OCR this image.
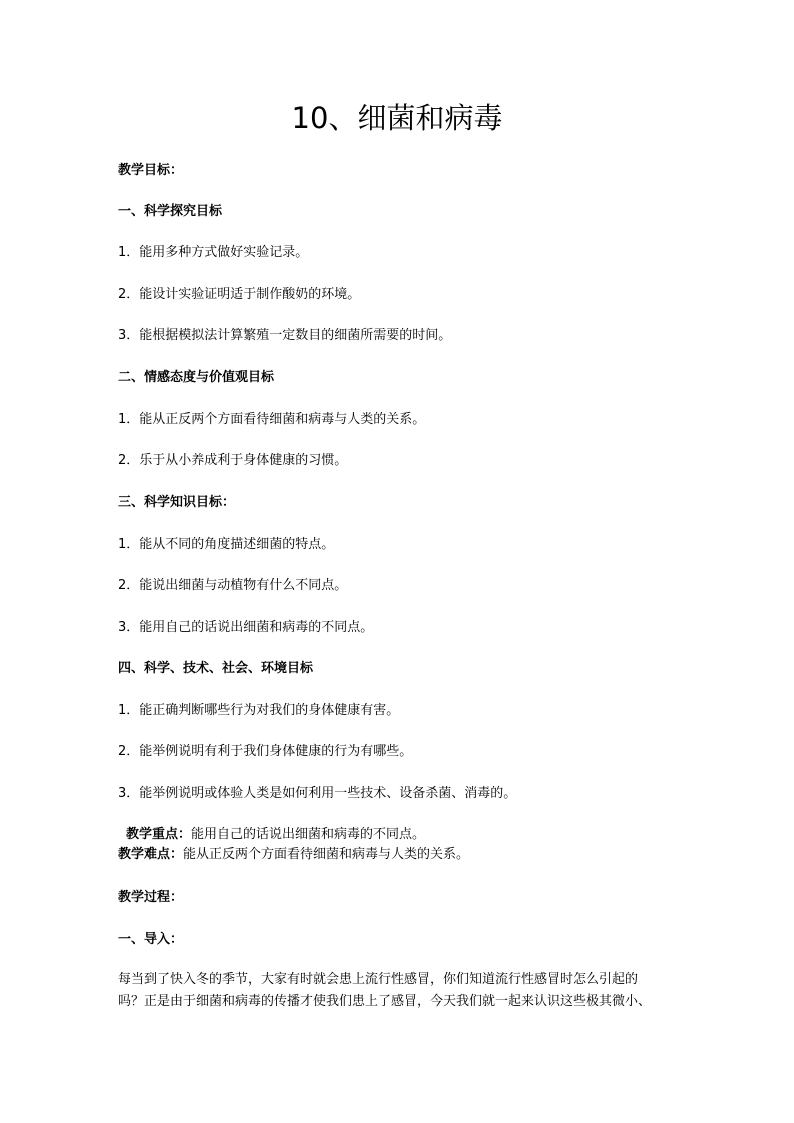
10、细菌和病毒

教学目标：

一、科学探究目标

1．能用多种方式做好实验记录。

2．能设计实验证明适于制作酸奶的环境。

3．能根据模拟法计算繁殖一定数目的细菌所需要的时间。

二、情感态度与价值观目标

1．能从正反两个方面看待细菌和病毒与人类的关系。

2．乐于从小养成利于身体健康的习惯。

三、科学知识目标：

1．能从不同的角度描述细菌的特点。

2．能说出细菌与动植物有什么不同点。

3．能用自己的话说出细菌和病毒的不同点。

四、科学、技术、社会、环境目标

1．能正确判断哪些行为对我们的身体健康有害。

2．能举例说明有利于我们身体健康的行为有哪些。

3．能举例说明或体验人类是如何利用一些技术、设备杀菌、消毒的。

教学重点：能用自己的话说出细菌和病毒的不同点。

教学难点：能从正反两个方面看待细菌和病毒与人类的关系。

教学过程：

一、导入：

每当到了快入冬的季节，大家有时就会患上流行性感冒，你们知道流行性感冒时怎么引起的
吗？正是由于细菌和病毒的传播才使我们患上了感冒，今天我们就一起来认识这些极其微小、
